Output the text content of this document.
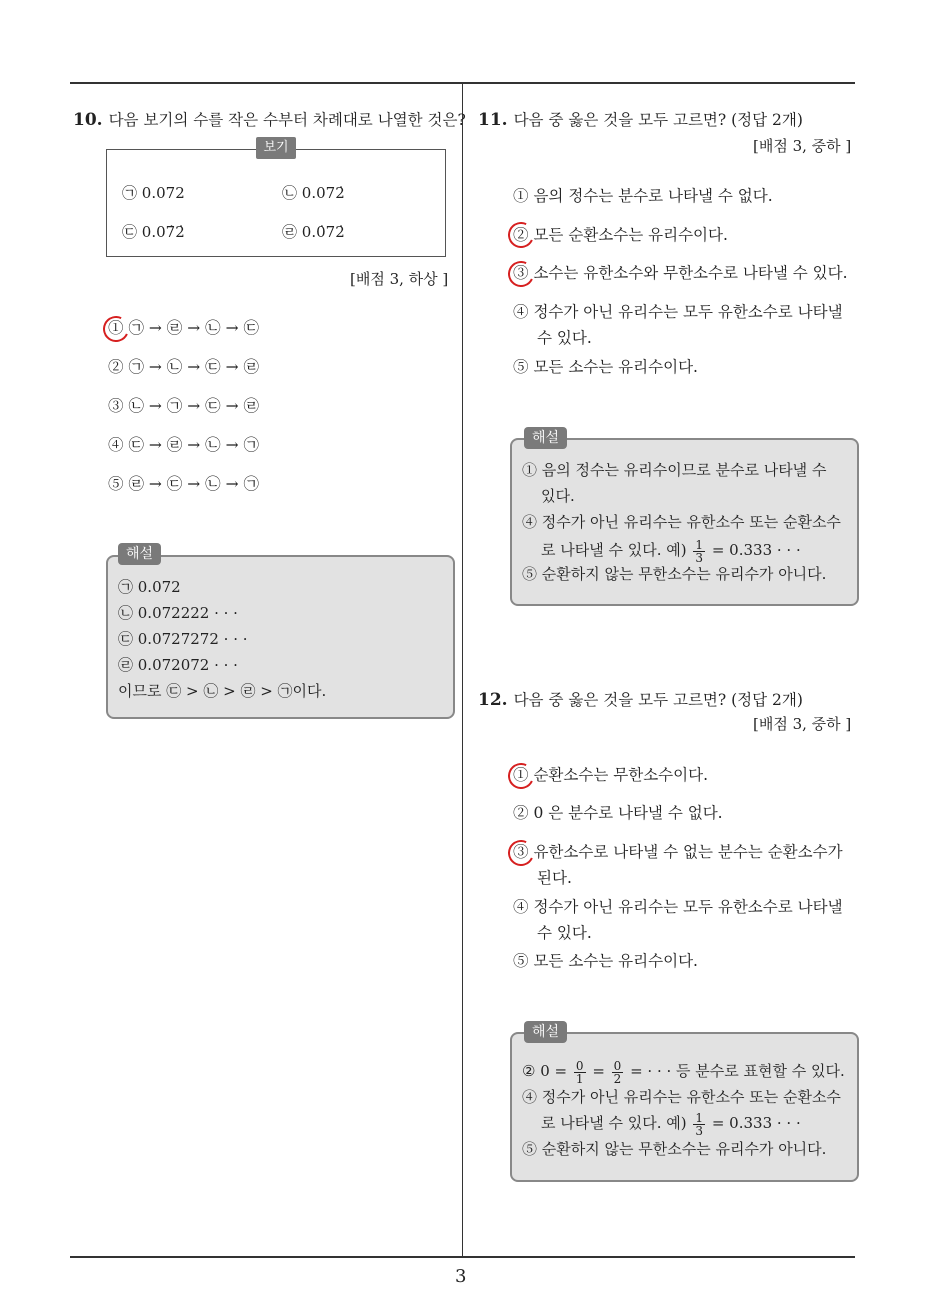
10. 다음 보기의 수를 작은 수부터 차례대로 나열한 것은?
보기
㉠ 0.072	㉡ 0.072̇
㉢ 0.07̇2̇	㉣ 0.0̇72̇
[배점 3, 하상 ]
① ㉠ → ㉣ → ㉡ → ㉢
② ㉠ → ㉡ → ㉢ → ㉣
③ ㉡ → ㉠ → ㉢ → ㉣
④ ㉢ → ㉣ → ㉡ → ㉠
⑤ ㉣ → ㉢ → ㉡ → ㉠
해설
㉠ 0.072
㉡ 0.072222 · · ·
㉢ 0.0727272 · · ·
㉣ 0.072072 · · ·
이므로 ㉢ > ㉡ > ㉣ > ㉠이다.
11. 다음 중 옳은 것을 모두 고르면? (정답 2개)
[배점 3, 중하 ]
① 음의 정수는 분수로 나타낼 수 없다.
② 모든 순환소수는 유리수이다.
③ 소수는 유한소수와 무한소수로 나타낼 수 있다.
④ 정수가 아닌 유리수는 모두 유한소수로 나타낼
수 있다.
⑤ 모든 소수는 유리수이다.
해설
① 음의 정수는 유리수이므로 분수로 나타낼 수
있다.
④ 정수가 아닌 유리수는 유한소수 또는 순환소수
로 나타낼 수 있다. 예) $\frac{1}{3} = 0.333$ · · ·
⑤ 순환하지 않는 무한소수는 유리수가 아니다.
12. 다음 중 옳은 것을 모두 고르면? (정답 2개)
[배점 3, 중하 ]
① 순환소수는 무한소수이다.
② 0 은 분수로 나타낼 수 없다.
③ 유한소수로 나타낼 수 없는 분수는 순환소수가
된다.
④ 정수가 아닌 유리수는 모두 유한소수로 나타낼
수 있다.
⑤ 모든 소수는 유리수이다.
해설
② $0 = \frac{0}{1} = \frac{0}{2}$ = · · · 등 분수로 표현할 수 있다.
④ 정수가 아닌 유리수는 유한소수 또는 순환소수
로 나타낼 수 있다. 예) $\frac{1}{3} = 0.333$ · · ·
⑤ 순환하지 않는 무한소수는 유리수가 아니다.
3
